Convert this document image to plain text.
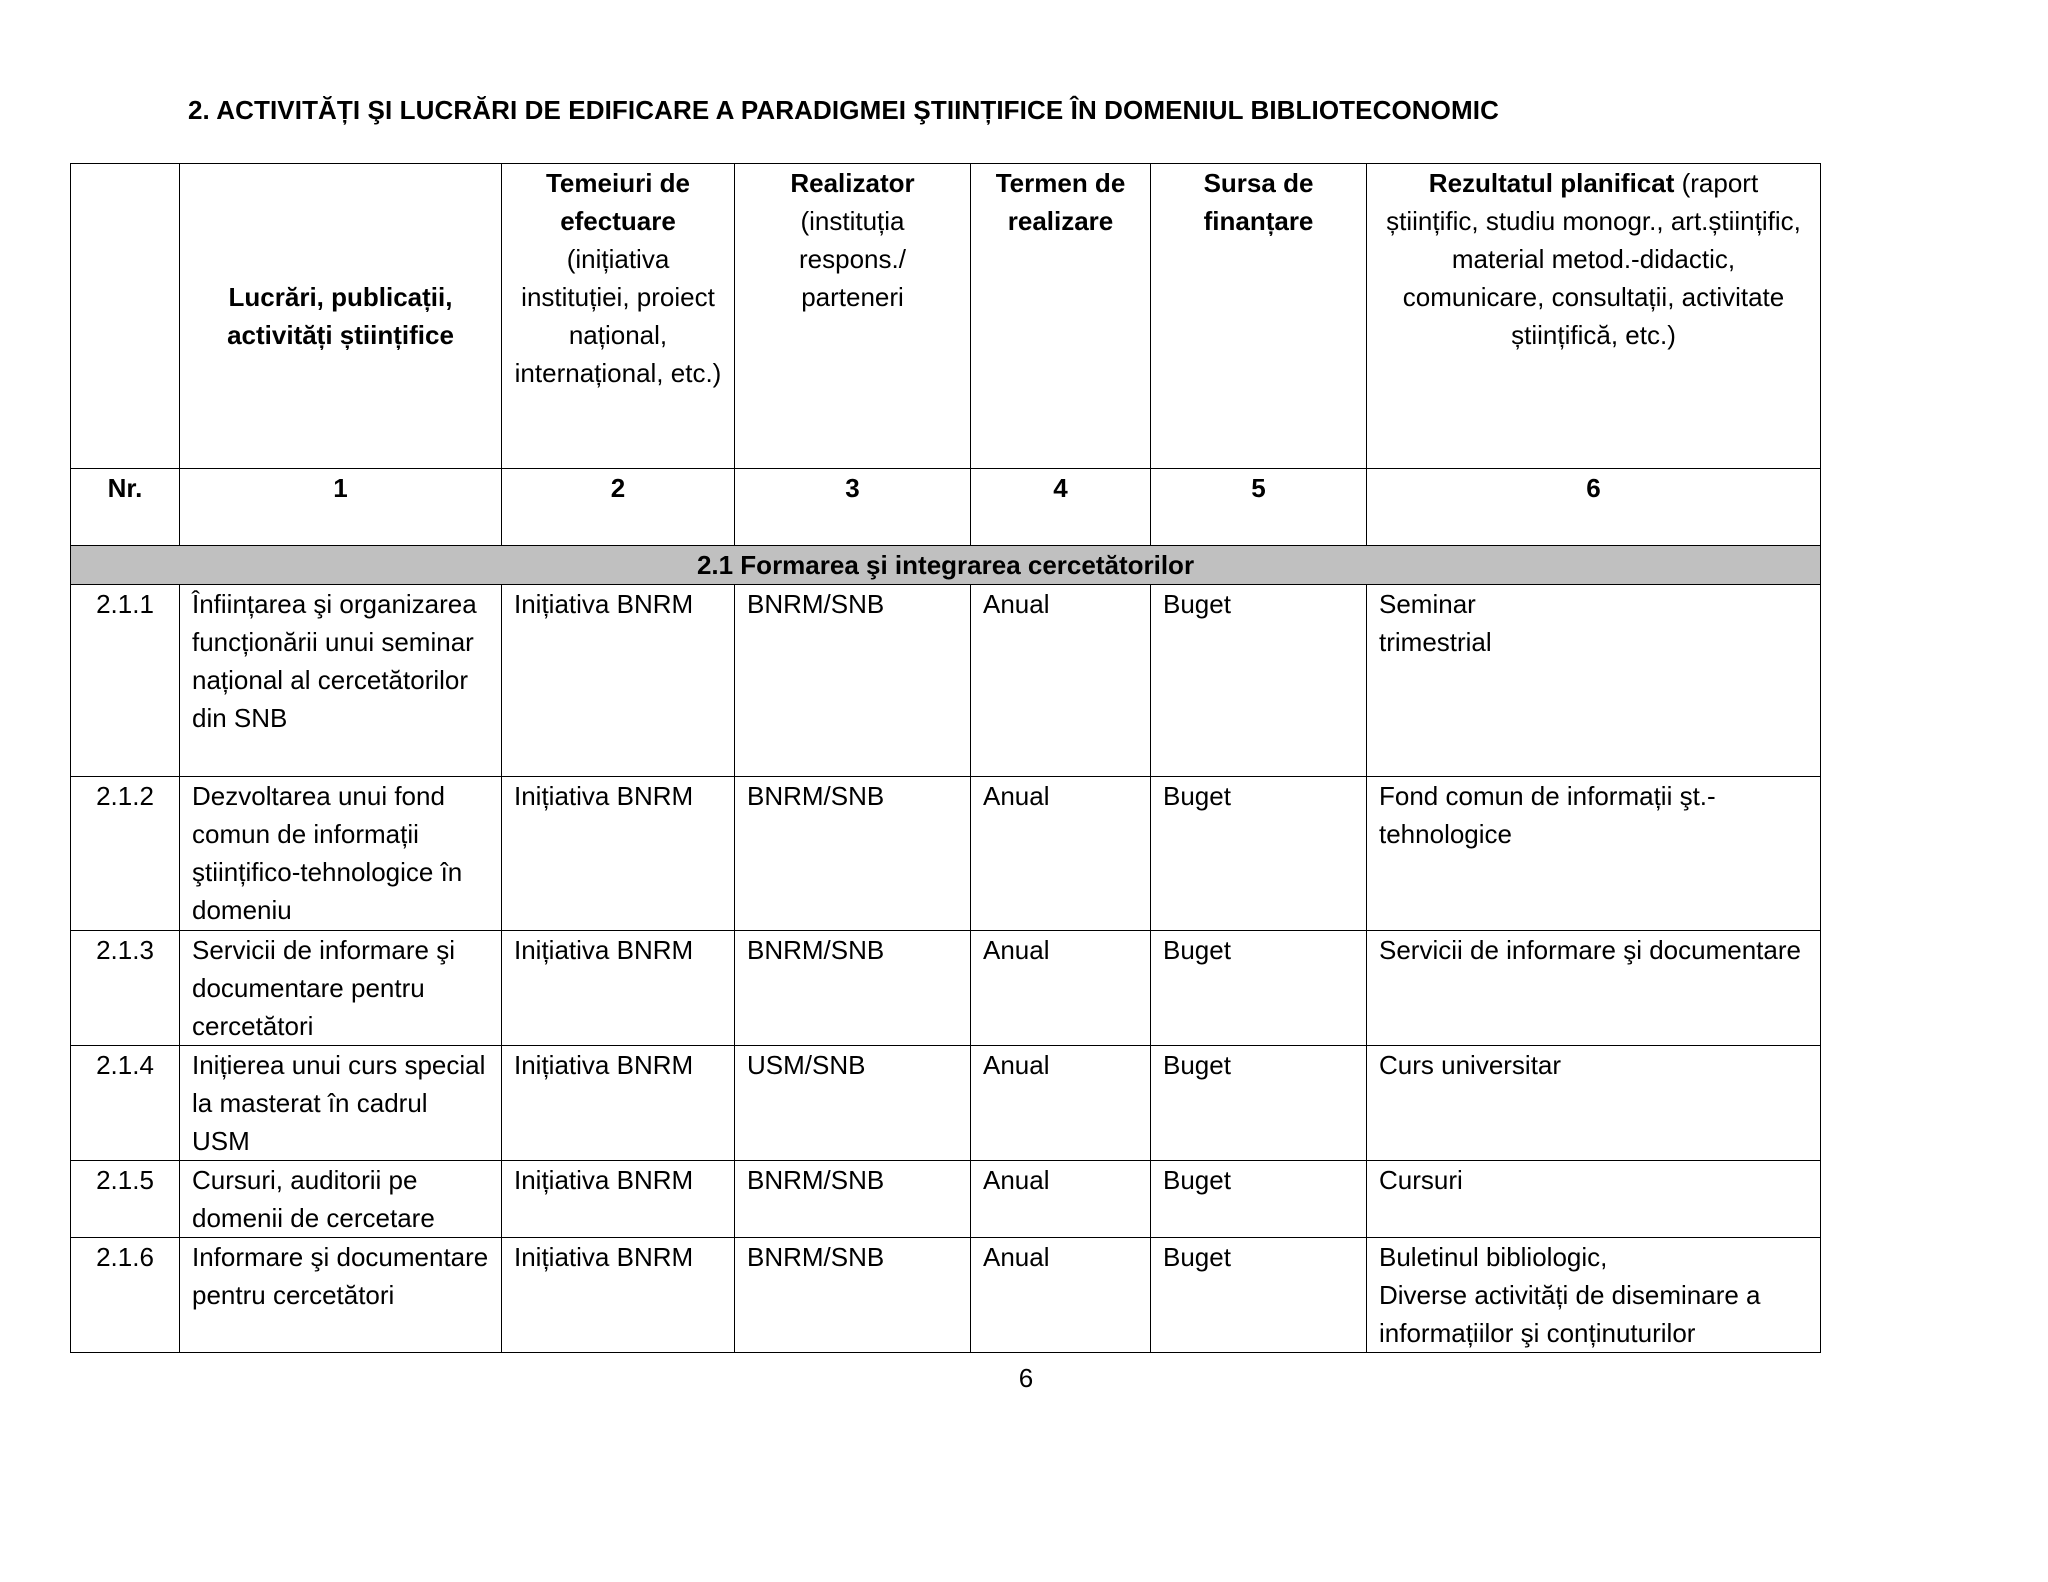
2. ACTIVITĂȚI ŞI LUCRĂRI DE EDIFICARE A PARADIGMEI ŞTIINȚIFICE ÎN DOMENIUL BIBLIOTECONOMIC
	Lucrări, publicații, activități științifice	Temeiuri de efectuare (inițiativa instituției, proiect național, internațional, etc.)	Realizator (instituția respons./ parteneri	Termen de realizare	Sursa de finanțare	Rezultatul planificat (raport științific, studiu monogr., art.științific, material metod.-didactic, comunicare, consultații, activitate științifică, etc.)
Nr.	1	2	3	4	5	6
2.1 Formarea şi integrarea cercetătorilor						
2.1.1	Înființarea şi organizarea funcționării unui seminar național al cercetătorilor din SNB	Inițiativa BNRM	BNRM/SNB	Anual	Buget	Seminar
trimestrial
2.1.2	Dezvoltarea unui fond comun de informații ştiințifico-tehnologice în domeniu	Inițiativa BNRM	BNRM/SNB	Anual	Buget	Fond comun de informații şt.-tehnologice
2.1.3	Servicii de informare şi documentare pentru cercetători	Inițiativa BNRM	BNRM/SNB	Anual	Buget	Servicii de informare şi documentare
2.1.4	Inițierea unui curs special la masterat în cadrul USM	Inițiativa BNRM	USM/SNB	Anual	Buget	Curs universitar
2.1.5	Cursuri, auditorii pe domenii de cercetare	Inițiativa BNRM	BNRM/SNB	Anual	Buget	Cursuri
2.1.6	Informare şi documentare pentru cercetători	Inițiativa BNRM	BNRM/SNB	Anual	Buget	Buletinul bibliologic,
Diverse activități de diseminare a informațiilor şi conținuturilor
6
